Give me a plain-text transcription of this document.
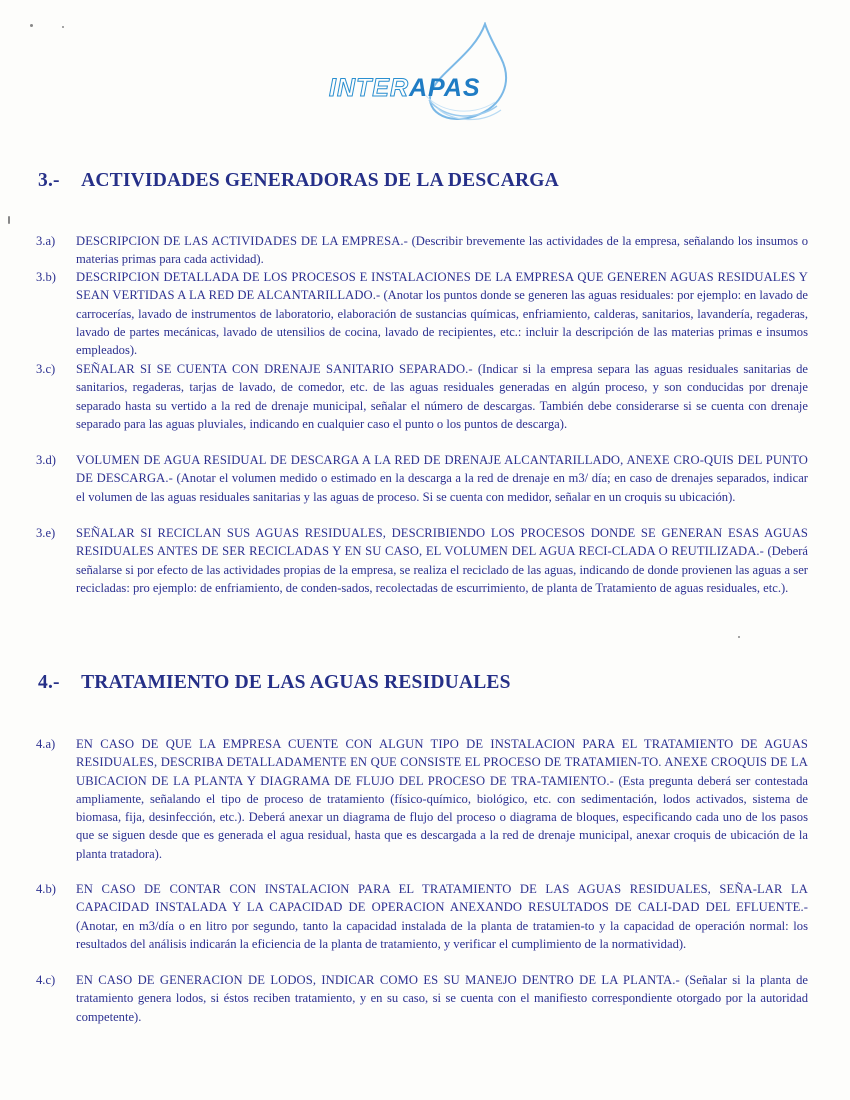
INTERAPAS
3.- ACTIVIDADES GENERADORAS DE LA DESCARGA
3.a)	DESCRIPCION DE LAS ACTIVIDADES DE LA EMPRESA.- (Describir brevemente las actividades de la empresa, señalando los insumos o materias primas para cada actividad).
3.b)	DESCRIPCION DETALLADA DE LOS PROCESOS E INSTALACIONES DE LA EMPRESA QUE GENEREN AGUAS RESIDUALES Y SEAN VERTIDAS A LA RED DE ALCANTARILLADO.- (Anotar los puntos donde se generen las aguas residuales: por ejemplo: en lavado de carrocerías, lavado de instrumentos de laboratorio, elaboración de sustancias químicas, enfriamiento, calderas, sanitarios, lavandería, regaderas, lavado de partes mecánicas, lavado de utensilios de cocina, lavado de recipientes, etc.: incluir la descripción de las materias primas e insumos empleados).
3.c)	SEÑALAR SI SE CUENTA CON DRENAJE SANITARIO SEPARADO.- (Indicar si la empresa separa las aguas residuales sanitarias de sanitarios, regaderas, tarjas de lavado, de comedor, etc. de las aguas residuales generadas en algún proceso, y son conducidas por drenaje separado hasta su vertido a la red de drenaje municipal, señalar el número de descargas. También debe considerarse si se cuenta con drenaje separado para las aguas pluviales, indicando en cualquier caso el punto o los puntos de descarga).
3.d)	VOLUMEN DE AGUA RESIDUAL DE DESCARGA A LA RED DE DRENAJE ALCANTARILLADO, ANEXE CRO-QUIS DEL PUNTO DE DESCARGA.- (Anotar el volumen medido o estimado en la descarga a la red de drenaje en m3/ día; en caso de drenajes separados, indicar el volumen de las aguas residuales sanitarias y las aguas de proceso. Si se cuenta con medidor, señalar en un croquis su ubicación).
3.e)	SEÑALAR SI RECICLAN SUS AGUAS RESIDUALES, DESCRIBIENDO LOS PROCESOS DONDE SE GENERAN ESAS AGUAS RESIDUALES ANTES DE SER RECICLADAS Y EN SU CASO, EL VOLUMEN DEL AGUA RECI-CLADA O REUTILIZADA.- (Deberá señalarse si por efecto de las actividades propias de la empresa, se realiza el reciclado de las aguas, indicando de donde provienen las aguas a ser recicladas: pro ejemplo: de enfriamiento, de conden-sados, recolectadas de escurrimiento, de planta de Tratamiento de aguas residuales, etc.).
4.- TRATAMIENTO DE LAS AGUAS RESIDUALES
4.a)	EN CASO DE QUE LA EMPRESA CUENTE CON ALGUN TIPO DE INSTALACION PARA EL TRATAMIENTO DE AGUAS RESIDUALES, DESCRIBA DETALLADAMENTE EN QUE CONSISTE EL PROCESO DE TRATAMIEN-TO. ANEXE CROQUIS DE LA UBICACION DE LA PLANTA Y DIAGRAMA DE FLUJO DEL PROCESO DE TRA-TAMIENTO.- (Esta pregunta deberá ser contestada ampliamente, señalando el tipo de proceso de tratamiento (físico-químico, biológico, etc. con sedimentación, lodos activados, sistema de biomasa, fija, desinfección, etc.). Deberá anexar un diagrama de flujo del proceso o diagrama de bloques, especificando cada uno de los pasos que se siguen desde que es generada el agua residual, hasta que es descargada a la red de drenaje municipal, anexar croquis de ubicación de la planta tratadora).
4.b)	EN CASO DE CONTAR CON INSTALACION PARA EL TRATAMIENTO DE LAS AGUAS RESIDUALES, SEÑA-LAR LA CAPACIDAD INSTALADA Y LA CAPACIDAD DE OPERACION ANEXANDO RESULTADOS DE CALI-DAD DEL EFLUENTE.- (Anotar, en m3/día o en litro por segundo, tanto la capacidad instalada de la planta de tratamien-to y la capacidad de operación normal: los resultados del análisis indicarán la eficiencia de la planta de tratamiento, y verificar el cumplimiento de la normatividad).
4.c)	EN CASO DE GENERACION DE LODOS, INDICAR COMO ES SU MANEJO DENTRO DE LA PLANTA.- (Señalar si la planta de tratamiento genera lodos, si éstos reciben tratamiento, y en su caso, si se cuenta con el manifiesto correspondiente otorgado por la autoridad competente).
